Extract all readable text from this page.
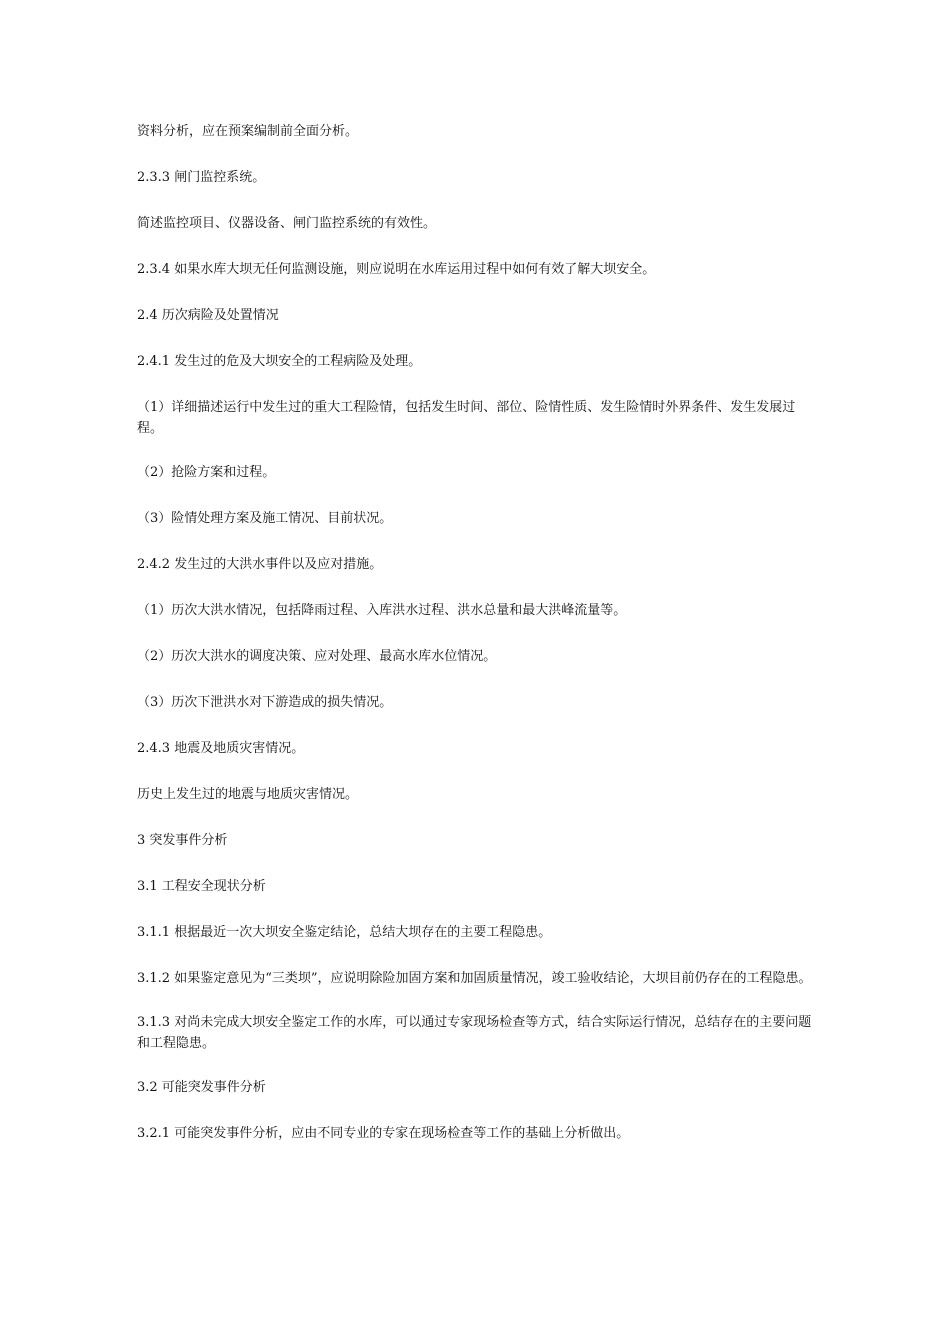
资料分析，应在预案编制前全面分析。

2.3.3 闸门监控系统。

简述监控项目、仪器设备、闸门监控系统的有效性。

2.3.4 如果水库大坝无任何监测设施，则应说明在水库运用过程中如何有效了解大坝安全。

2.4 历次病险及处置情况

2.4.1 发生过的危及大坝安全的工程病险及处理。

（1）详细描述运行中发生过的重大工程险情，包括发生时间、部位、险情性质、发生险情时外界条件、发生发展过程。

（2）抢险方案和过程。

（3）险情处理方案及施工情况、目前状况。

2.4.2 发生过的大洪水事件以及应对措施。

（1）历次大洪水情况，包括降雨过程、入库洪水过程、洪水总量和最大洪峰流量等。

（2）历次大洪水的调度决策、应对处理、最高水库水位情况。

（3）历次下泄洪水对下游造成的损失情况。

2.4.3 地震及地质灾害情况。

历史上发生过的地震与地质灾害情况。

3 突发事件分析

3.1 工程安全现状分析

3.1.1 根据最近一次大坝安全鉴定结论，总结大坝存在的主要工程隐患。

3.1.2 如果鉴定意见为“三类坝”，应说明除险加固方案和加固质量情况，竣工验收结论，大坝目前仍存在的工程隐患。

3.1.3 对尚未完成大坝安全鉴定工作的水库，可以通过专家现场检查等方式，结合实际运行情况，总结存在的主要问题和工程隐患。

3.2 可能突发事件分析

3.2.1 可能突发事件分析，应由不同专业的专家在现场检查等工作的基础上分析做出。
